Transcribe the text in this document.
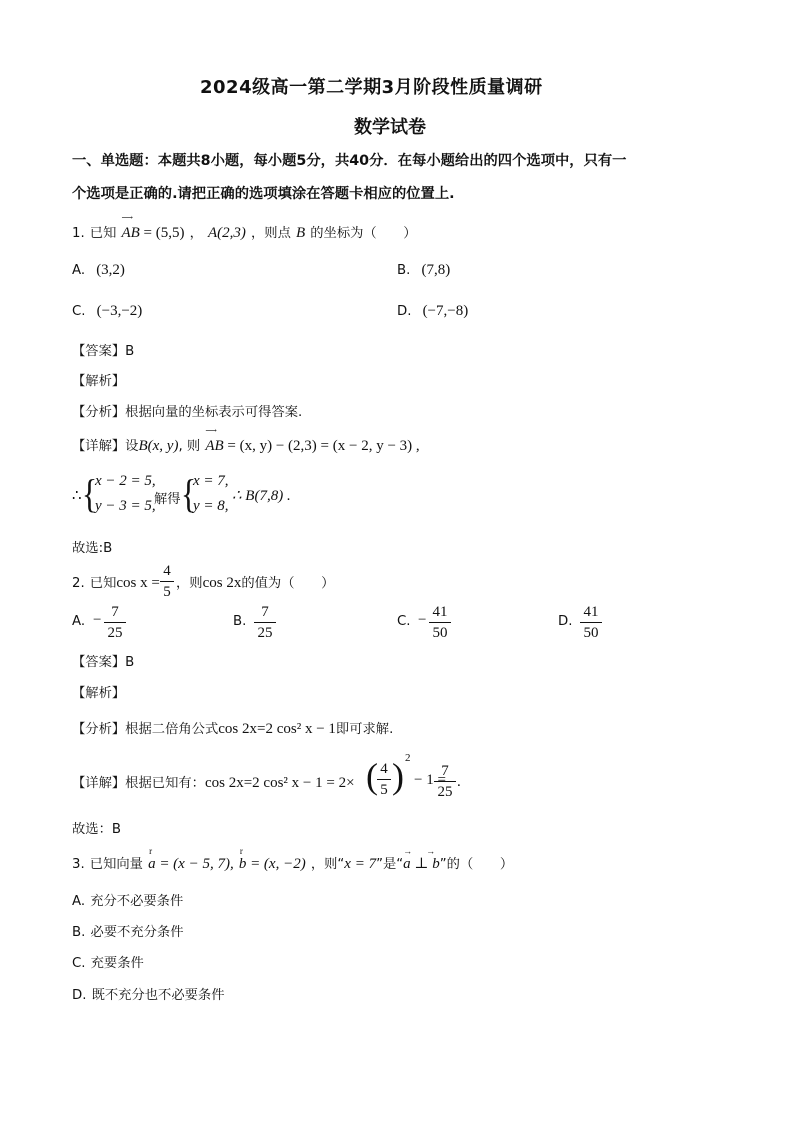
2024级高一第二学期3月阶段性质量调研
数学试卷
一、单选题：本题共8小题，每小题5分，共40分．在每小题给出的四个选项中，只有一
个选项是正确的.请把正确的选项填涂在答题卡相应的位置上.
1. 已知
⟶
AB = (5,5) ， A(2,3) ，则点 B 的坐标为（　　）
A. (3,2)	B. (7,8)
C. (−3,−2)	D. (−7,−8)
【答案】B
【解析】
【分析】根据向量的坐标表示可得答案.
【详解】设B(x, y), 则
⟶
AB = (x, y) − (2,3) = (x − 2, y − 3) ,
∴ {
x − 2 = 5,
y − 3 = 5,
解得 {
x = 7,
y = 8,
∴ B(7,8) .
故选:B
2. 已知cos x =
4
5
，则cos 2x的值为（　　）
A. − 7
25
B.
7
25
C. − 41
50
D.
41
50
【答案】B
【解析】
【分析】根据二倍角公式cos 2x=2 cos² x − 1即可求解.
【详解】根据已知有：cos 2x=2 cos² x − 1 = 2× ( 4
5 ) 2
− 1 =
7
25
.
故选：B
3. 已知向量
r
a = (x − 5, 7),
r
b = (x, −2) ，则“x = 7”是“
→→
a ⊥ b”的（　　）
A. 充分不必要条件
B. 必要不充分条件
C. 充要条件
D. 既不充分也不必要条件
